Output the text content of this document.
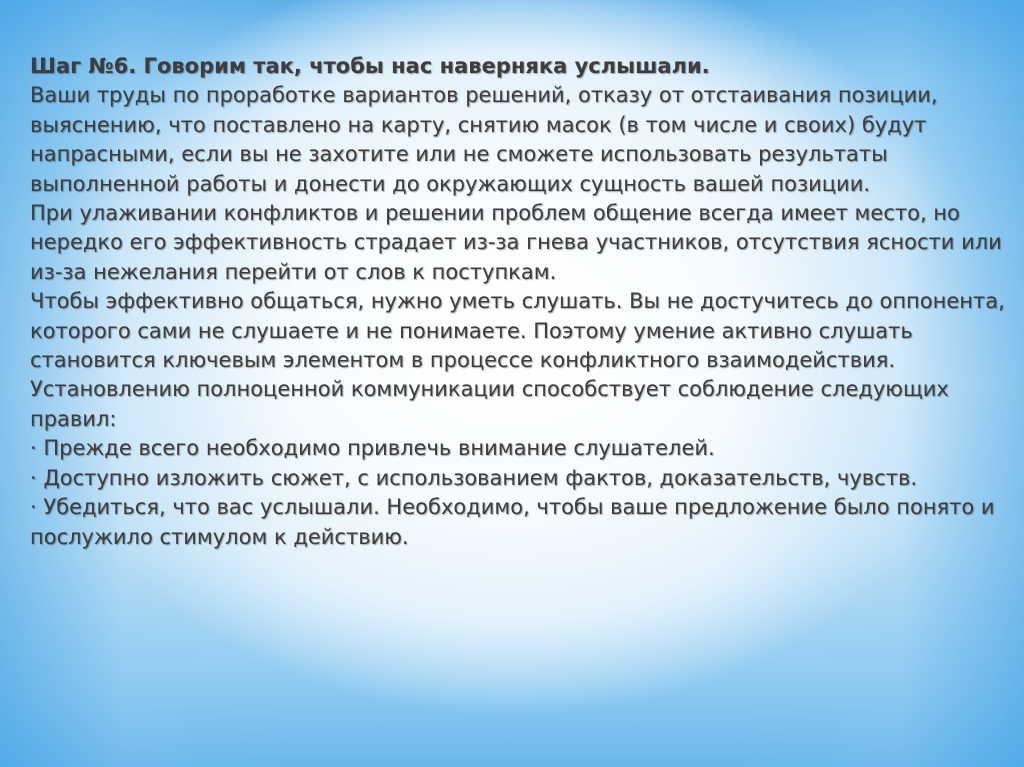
Шаг №6. Говорим так, чтобы нас наверняка услышали.

Ваши труды по проработке вариантов решений, отказу от отстаивания позиции, выяснению, что поставлено на карту, снятию масок (в том числе и своих) будут напрасными, если вы не захотите или не сможете использовать результаты выполненной работы и донести до окружающих сущность вашей позиции.

При улаживании конфликтов и решении проблем общение всегда имеет место, но нередко его эффективность страдает из-за гнева участников, отсутствия ясности или из-за нежелания перейти от слов к поступкам.

Чтобы эффективно общаться, нужно уметь слушать. Вы не достучитесь до оппонента, которого сами не слушаете и не понимаете. Поэтому умение активно слушать становится ключевым элементом в процессе конфликтного взаимодействия.

Установлению полноценной коммуникации способствует соблюдение следующих правил:

· Прежде всего необходимо привлечь внимание слушателей.

· Доступно изложить сюжет, с использованием фактов, доказательств, чувств.

· Убедиться, что вас услышали. Необходимо, чтобы ваше предложение было понято и послужило стимулом к действию.
